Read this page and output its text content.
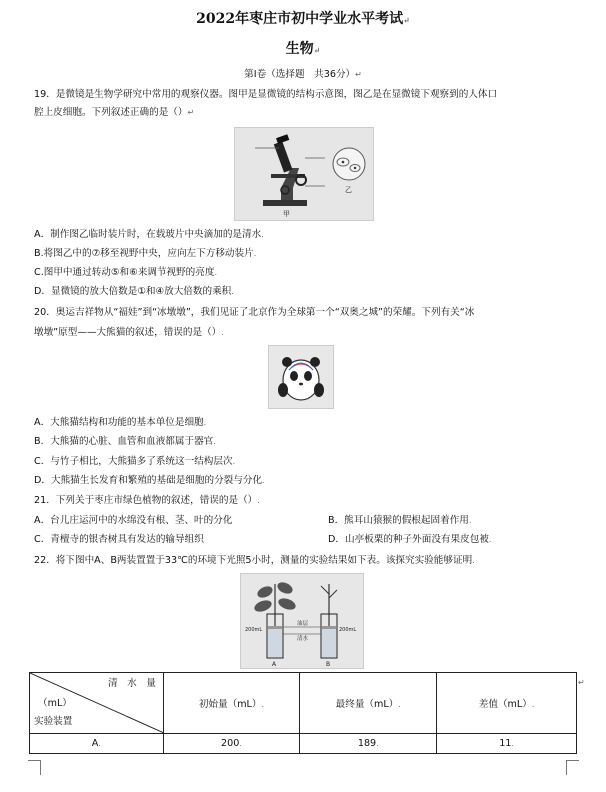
2022年枣庄市初中学业水平考试↵
生物↵
第Ⅰ卷（选择题　共36分）↵
19．是微镜是生物学研究中常用的观察仪器。图甲是显微镜的结构示意图，图乙是在显微镜下观察到的人体口
腔上皮细胞。下列叙述正确的是（）↵
甲
乙
A．制作图乙临时装片时，在载玻片中央滴加的是清水.
B.将图乙中的⑦移至视野中央，应向左下方移动装片.
C.图甲中通过转动⑤和⑥来调节视野的亮度.
D．显微镜的放大倍数是①和④放大倍数的乘积.
20．奥运吉祥物从“福娃”到“冰墩墩”，我们见证了北京作为全球第一个“双奥之城”的荣耀。下列有关“冰
墩墩”原型——大熊猫的叙述，错误的是（）.
A．大熊猫结构和功能的基本单位是细胞.
B．大熊猫的心脏、血管和血液都属于器官.
C．与竹子相比，大熊猫多了系统这一结构层次.
D．大熊猫生长发育和繁殖的基础是细胞的分裂与分化.
21．下列关于枣庄市绿色植物的叙述，错误的是（）.
A．台儿庄运河中的水绵没有根、茎、叶的分化	B．熊耳山猿猴的假根起固着作用.
C．青檀寺的银杏树具有发达的输导组织	D．山亭板栗的种子外面没有果皮包被.
22．将下图中A、B两装置置于33℃的环境下光照5小时，测量的实验结果如下表。该探究实验能够证明.
200mL	200mL
油层
清水
A	B
↵
清　水　量
（mL）
实验装置	初始量（mL）.	最终量（mL）.	差值（mL）.
A.	200.	189.	11.
